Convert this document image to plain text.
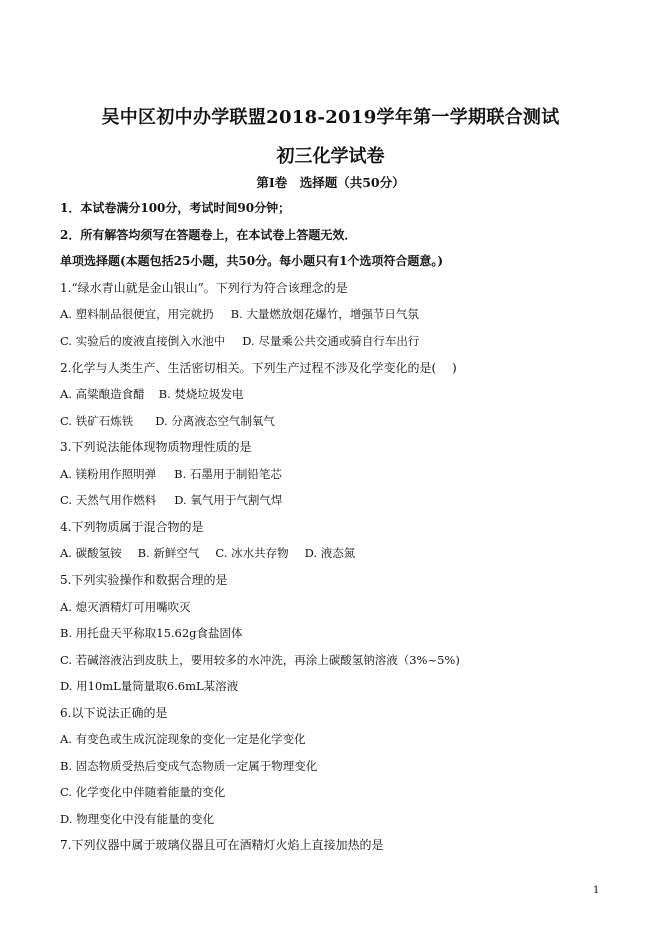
吴中区初中办学联盟2018-2019学年第一学期联合测试
初三化学试卷
第I卷　选择题（共50分）
1．本试卷满分100分，考试时间90分钟；
2．所有解答均须写在答题卷上，在本试卷上答题无效．
单项选择题(本题包括25小题，共50分。每小题只有1个选项符合题意。)
1.“绿水青山就是金山银山”。下列行为符合该理念的是
A. 塑料制品很便宜，用完就扔 B. 大量燃放烟花爆竹，增强节日气氛
C. 实验后的废液直接倒入水池中 D. 尽量乘公共交通或骑自行车出行
2.化学与人类生产、生活密切相关。下列生产过程不涉及化学变化的是(　 )
A. 高粱酿造食醋 B. 焚烧垃圾发电
C. 铁矿石炼铁 D. 分离液态空气制氧气
3.下列说法能体现物质物理性质的是
A. 镁粉用作照明弹 B. 石墨用于制铅笔芯
C. 天然气用作燃料 D. 氧气用于气割气焊
4.下列物质属于混合物的是
A. 碳酸氢铵 B. 新鲜空气 C. 冰水共存物 D. 液态氮
5.下列实验操作和数据合理的是
A. 熄灭酒精灯可用嘴吹灭
B. 用托盘天平称取15.62g食盐固体
C. 若碱溶液沾到皮肤上，要用较多的水冲洗，再涂上碳酸氢钠溶液（3%~5%)
D. 用10mL量筒量取6.6mL某溶液
6.以下说法正确的是
A. 有变色或生成沉淀现象的变化一定是化学变化
B. 固态物质受热后变成气态物质一定属于物理变化
C. 化学变化中伴随着能量的变化
D. 物理变化中没有能量的变化
7.下列仪器中属于玻璃仪器且可在酒精灯火焰上直接加热的是
1
